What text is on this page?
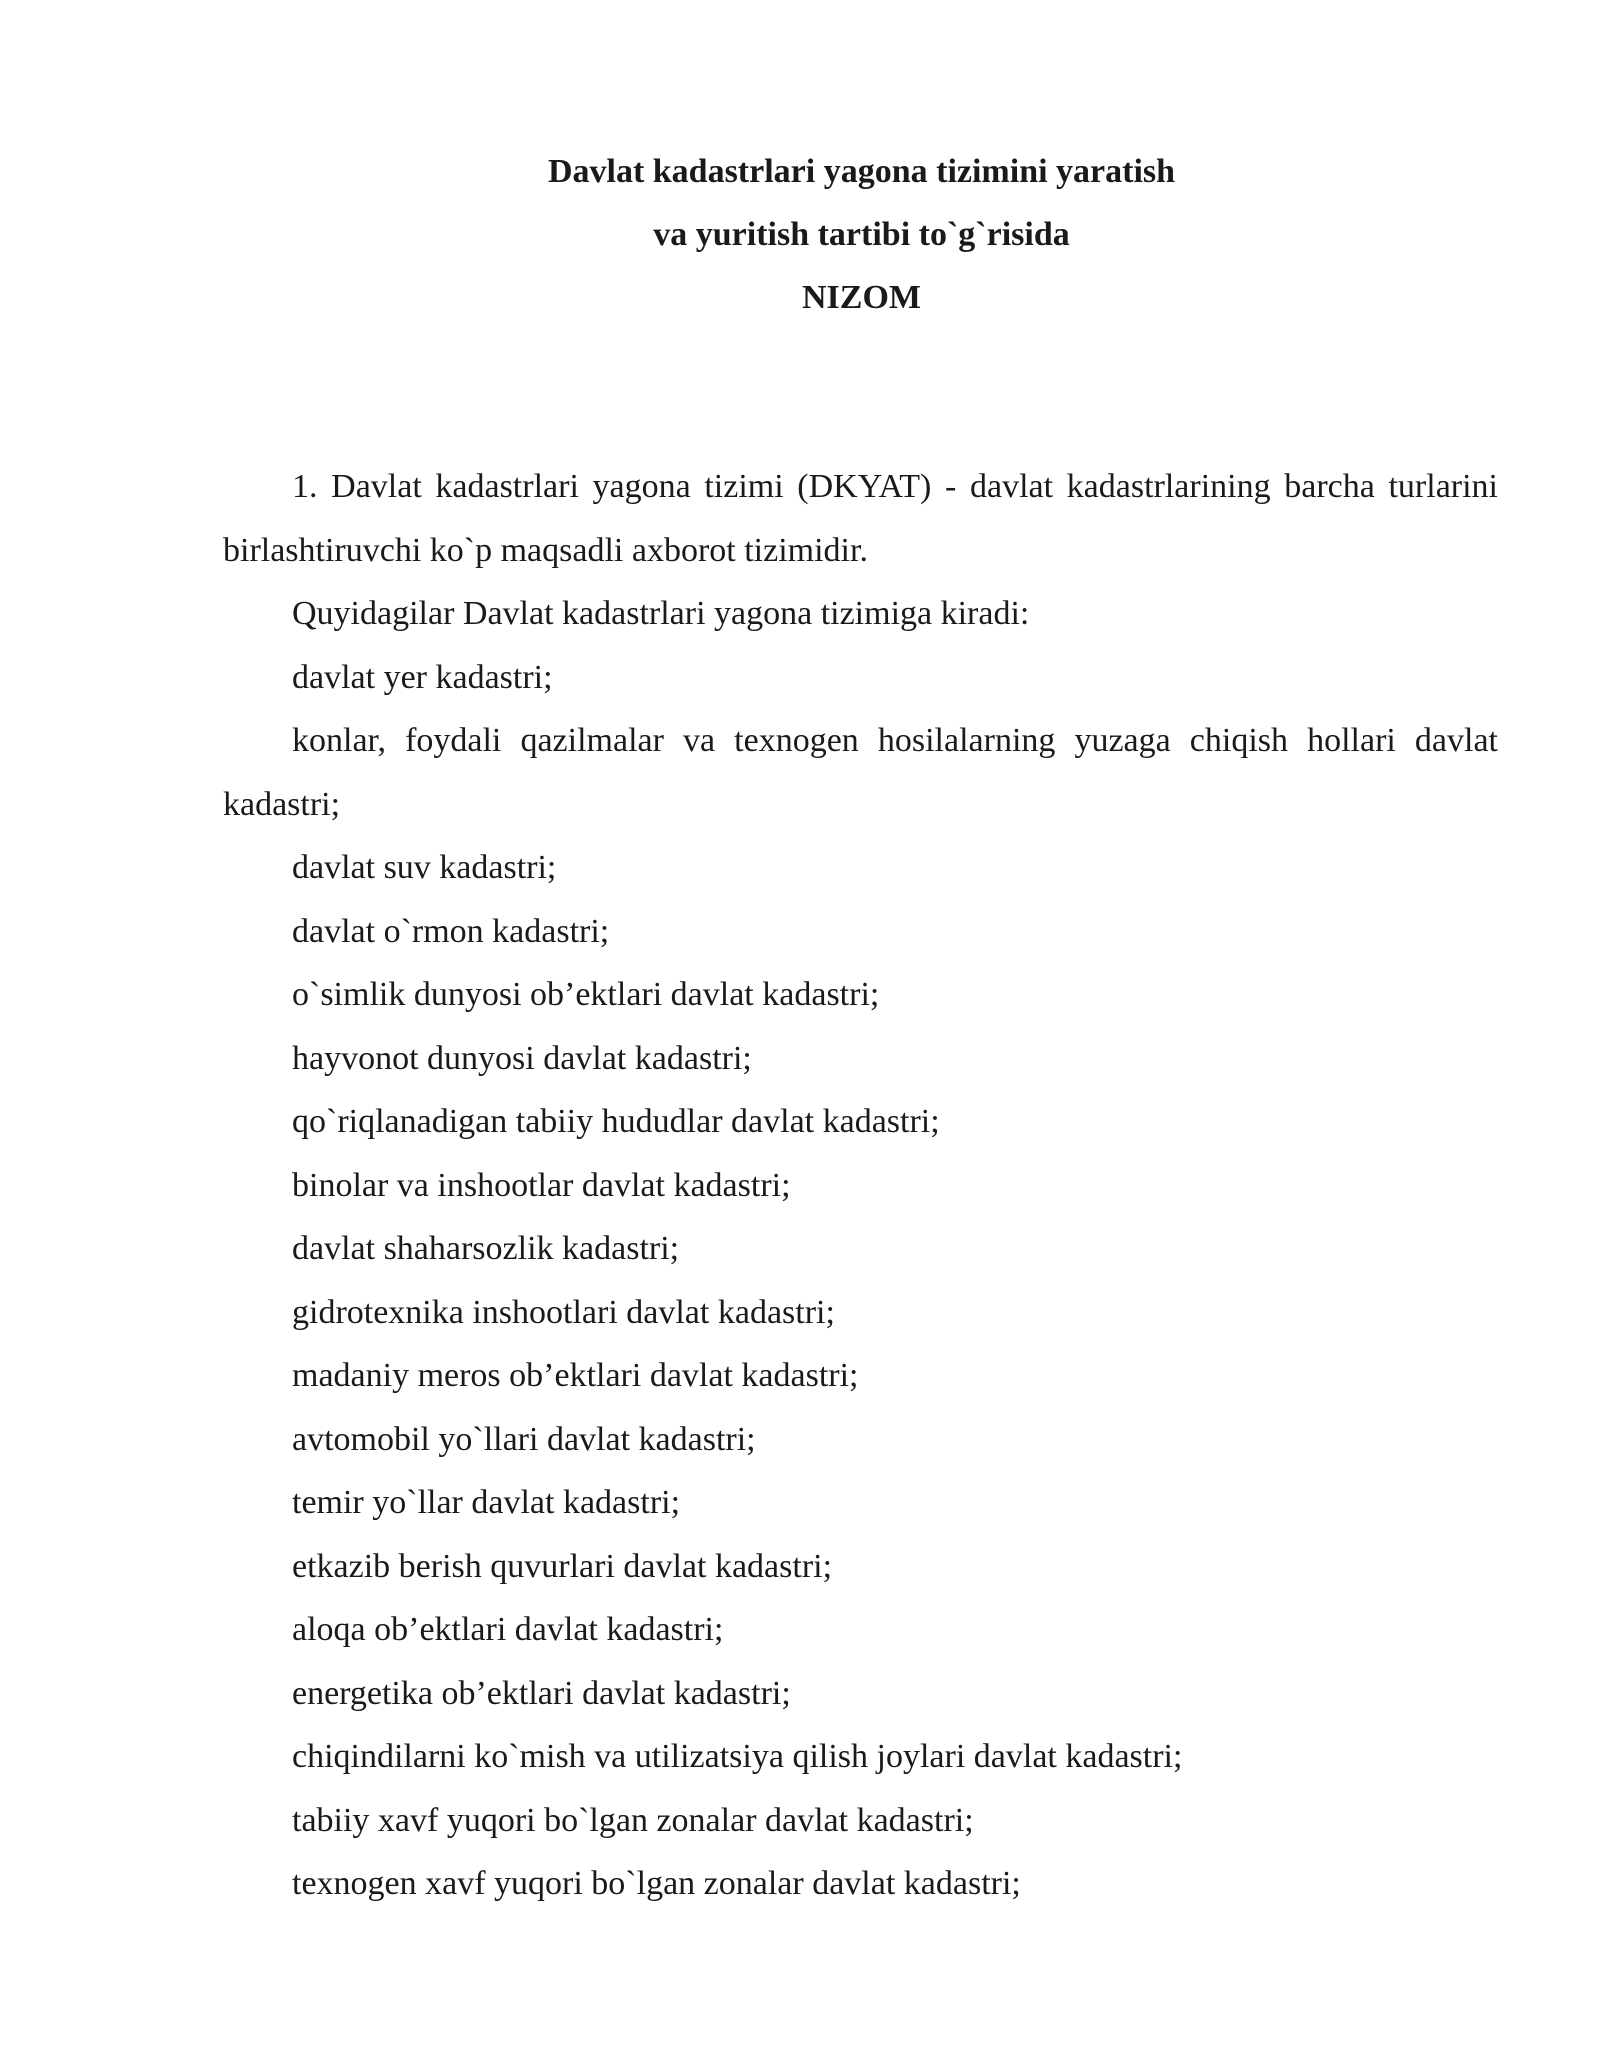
Davlat kadastrlari yagona tizimini yaratish
va yuritish tartibi to`g`risida
NIZOM

1. Davlat kadastrlari yagona tizimi (DKYAT) - davlat kadastrlarining barcha turlarini birlashtiruvchi ko`p maqsadli axborot tizimidir.

Quyidagilar Davlat kadastrlari yagona tizimiga kiradi:

davlat yer kadastri;

konlar, foydali qazilmalar va texnogen hosilalarning yuzaga chiqish hollari davlat kadastri;

davlat suv kadastri;

davlat o`rmon kadastri;

o`simlik dunyosi ob’ektlari davlat kadastri;

hayvonot dunyosi davlat kadastri;

qo`riqlanadigan tabiiy hududlar davlat kadastri;

binolar va inshootlar davlat kadastri;

davlat shaharsozlik kadastri;

gidrotexnika inshootlari davlat kadastri;

madaniy meros ob’ektlari davlat kadastri;

avtomobil yo`llari davlat kadastri;

temir yo`llar davlat kadastri;

etkazib berish quvurlari davlat kadastri;

aloqa ob’ektlari davlat kadastri;

energetika ob’ektlari davlat kadastri;

chiqindilarni ko`mish va utilizatsiya qilish joylari davlat kadastri;

tabiiy xavf yuqori bo`lgan zonalar davlat kadastri;

texnogen xavf yuqori bo`lgan zonalar davlat kadastri;
